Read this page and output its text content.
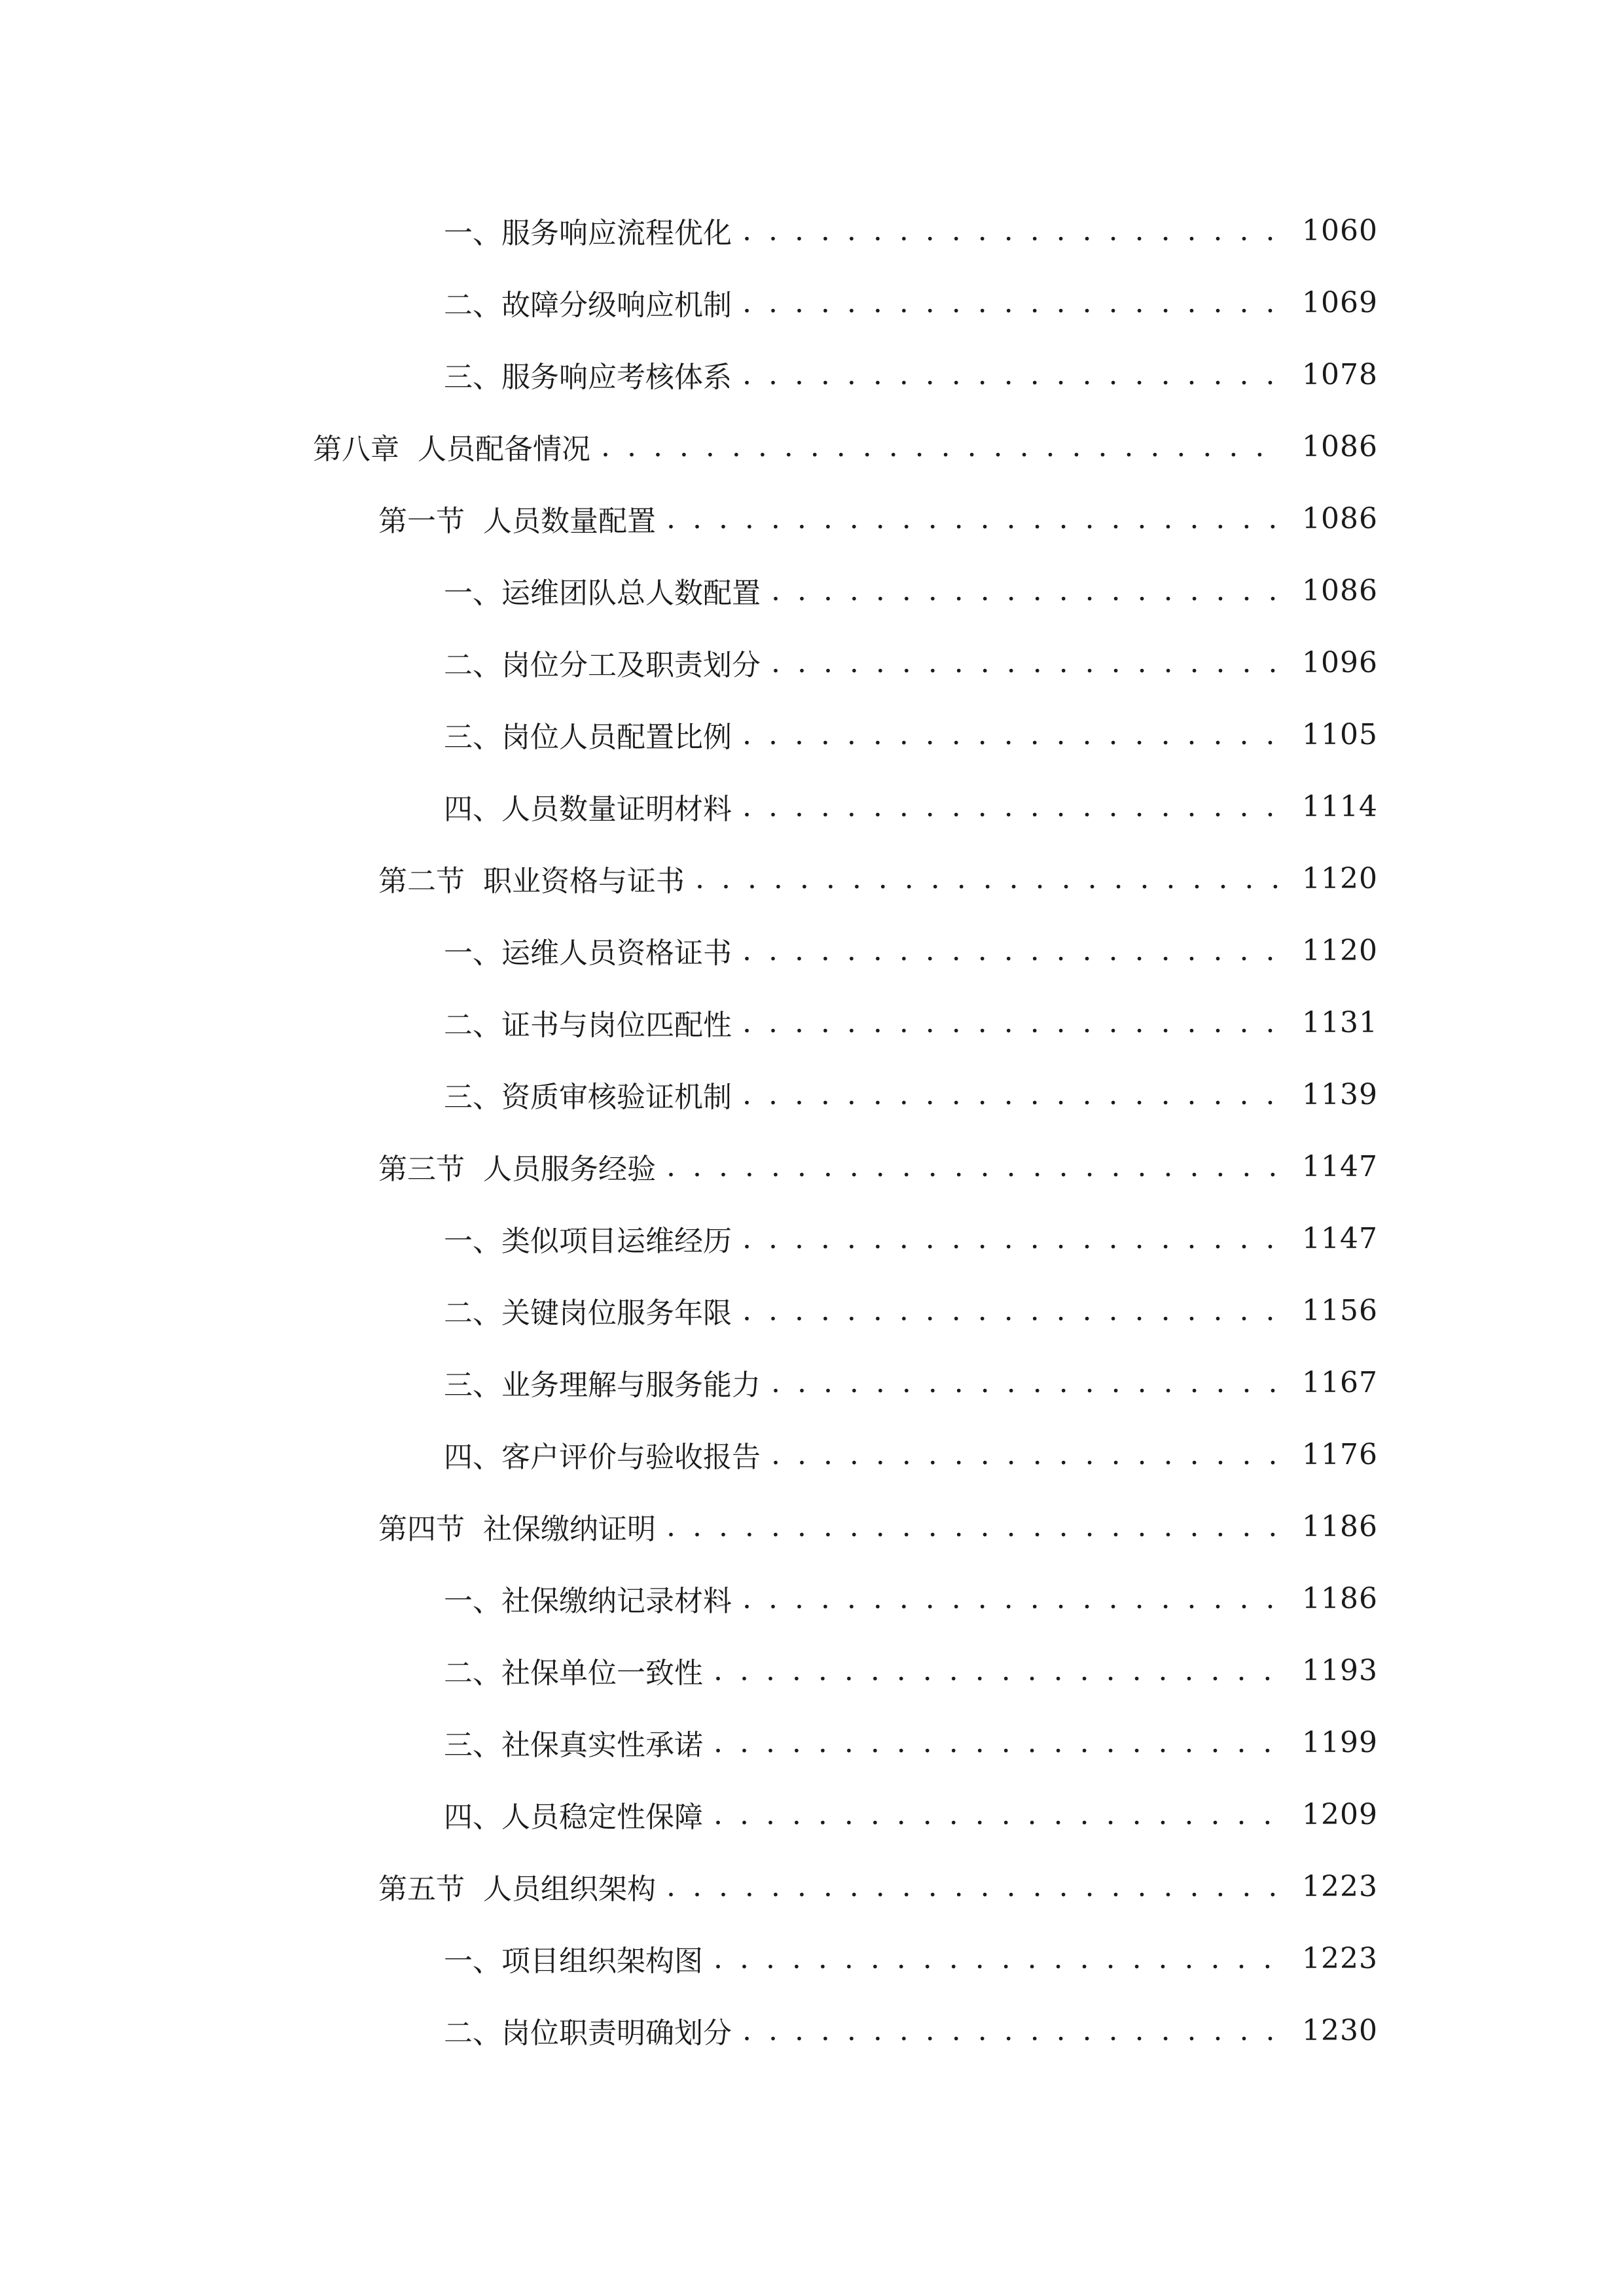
一、 服务响应流程优化 . . .	1060
二、 故障分级响应机制 . . .	1069
三、 服务响应考核体系 . . .	1078
第八章 人员配备情况 . . .	1086
第一节 人员数量配置 . . .	1086
一、 运维团队总人数配置 . . .	1086
二、 岗位分工及职责划分 . . .	1096
三、 岗位人员配置比例 . . .	1105
四、 人员数量证明材料 . . .	1114
第二节 职业资格与证书 . . .	1120
一、 运维人员资格证书 . . .	1120
二、 证书与岗位匹配性 . . .	1131
三、 资质审核验证机制 . . .	1139
第三节 人员服务经验 . . .	1147
一、 类似项目运维经历 . . .	1147
二、 关键岗位服务年限 . . .	1156
三、 业务理解与服务能力 . . .	1167
四、 客户评价与验收报告 . . .	1176
第四节 社保缴纳证明 . . .	1186
一、 社保缴纳记录材料 . . .	1186
二、 社保单位一致性 . . .	1193
三、 社保真实性承诺 . . .	1199
四、 人员稳定性保障 . . .	1209
第五节 人员组织架构 . . .	1223
一、 项目组织架构图 . . .	1223
二、 岗位职责明确划分 . . .	1230
